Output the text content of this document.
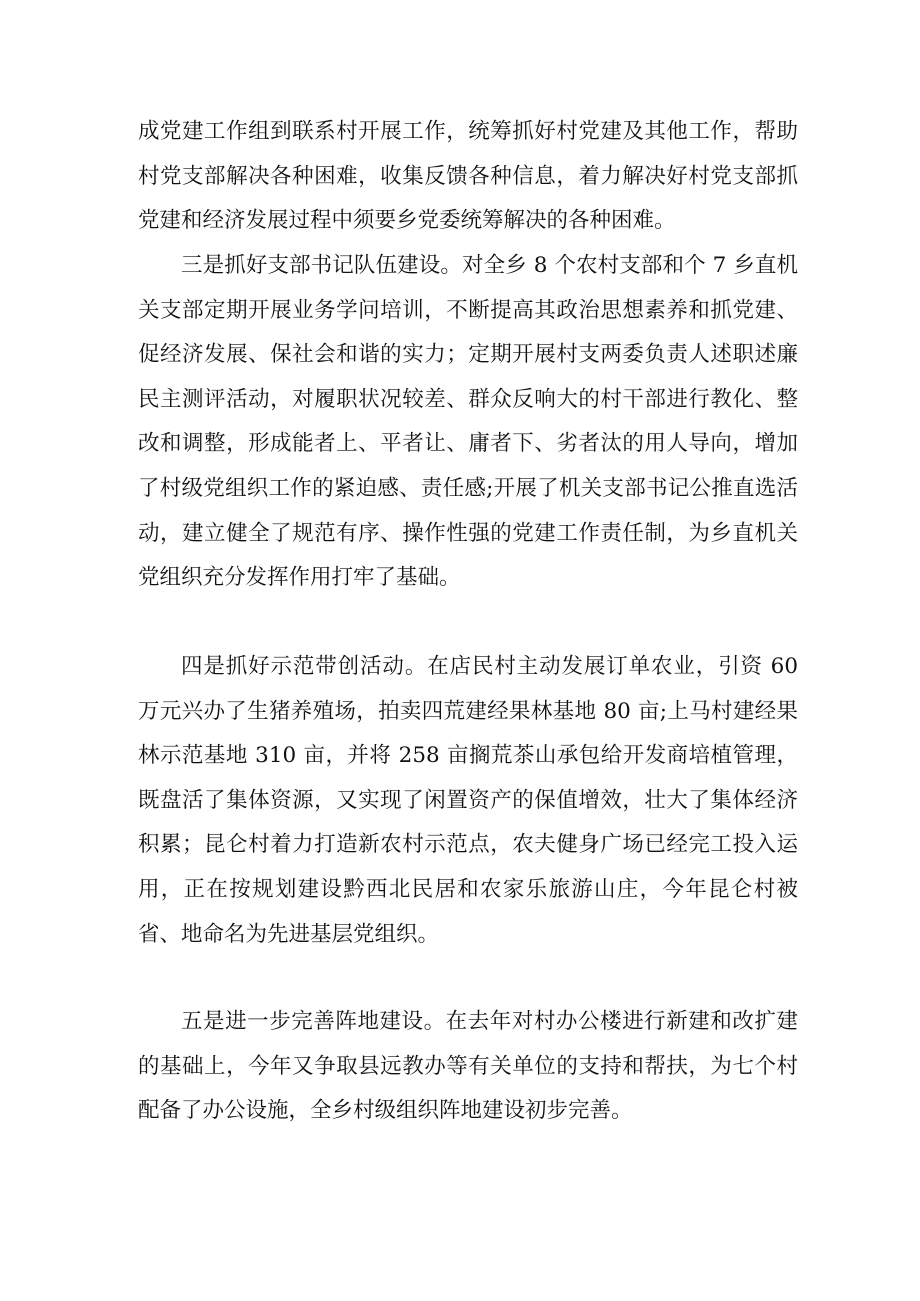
成党建工作组到联系村开展工作，统筹抓好村党建及其他工作，帮助村党支部解决各种困难，收集反馈各种信息，着力解决好村党支部抓党建和经济发展过程中须要乡党委统筹解决的各种困难。

三是抓好支部书记队伍建设。对全乡 8 个农村支部和个 7 乡直机关支部定期开展业务学问培训，不断提高其政治思想素养和抓党建、促经济发展、保社会和谐的实力；定期开展村支两委负责人述职述廉民主测评活动，对履职状况较差、群众反响大的村干部进行教化、整改和调整，形成能者上、平者让、庸者下、劣者汰的用人导向，增加了村级党组织工作的紧迫感、责任感;开展了机关支部书记公推直选活动，建立健全了规范有序、操作性强的党建工作责任制，为乡直机关党组织充分发挥作用打牢了基础。

四是抓好示范带创活动。在店民村主动发展订单农业，引资 60 万元兴办了生猪养殖场，拍卖四荒建经果林基地 80 亩;上马村建经果林示范基地 310 亩，并将 258 亩搁荒茶山承包给开发商培植管理，既盘活了集体资源，又实现了闲置资产的保值增效，壮大了集体经济积累；昆仑村着力打造新农村示范点，农夫健身广场已经完工投入运用，正在按规划建设黔西北民居和农家乐旅游山庄，今年昆仑村被省、地命名为先进基层党组织。

五是进一步完善阵地建设。在去年对村办公楼进行新建和改扩建的基础上，今年又争取县远教办等有关单位的支持和帮扶，为七个村配备了办公设施，全乡村级组织阵地建设初步完善。
